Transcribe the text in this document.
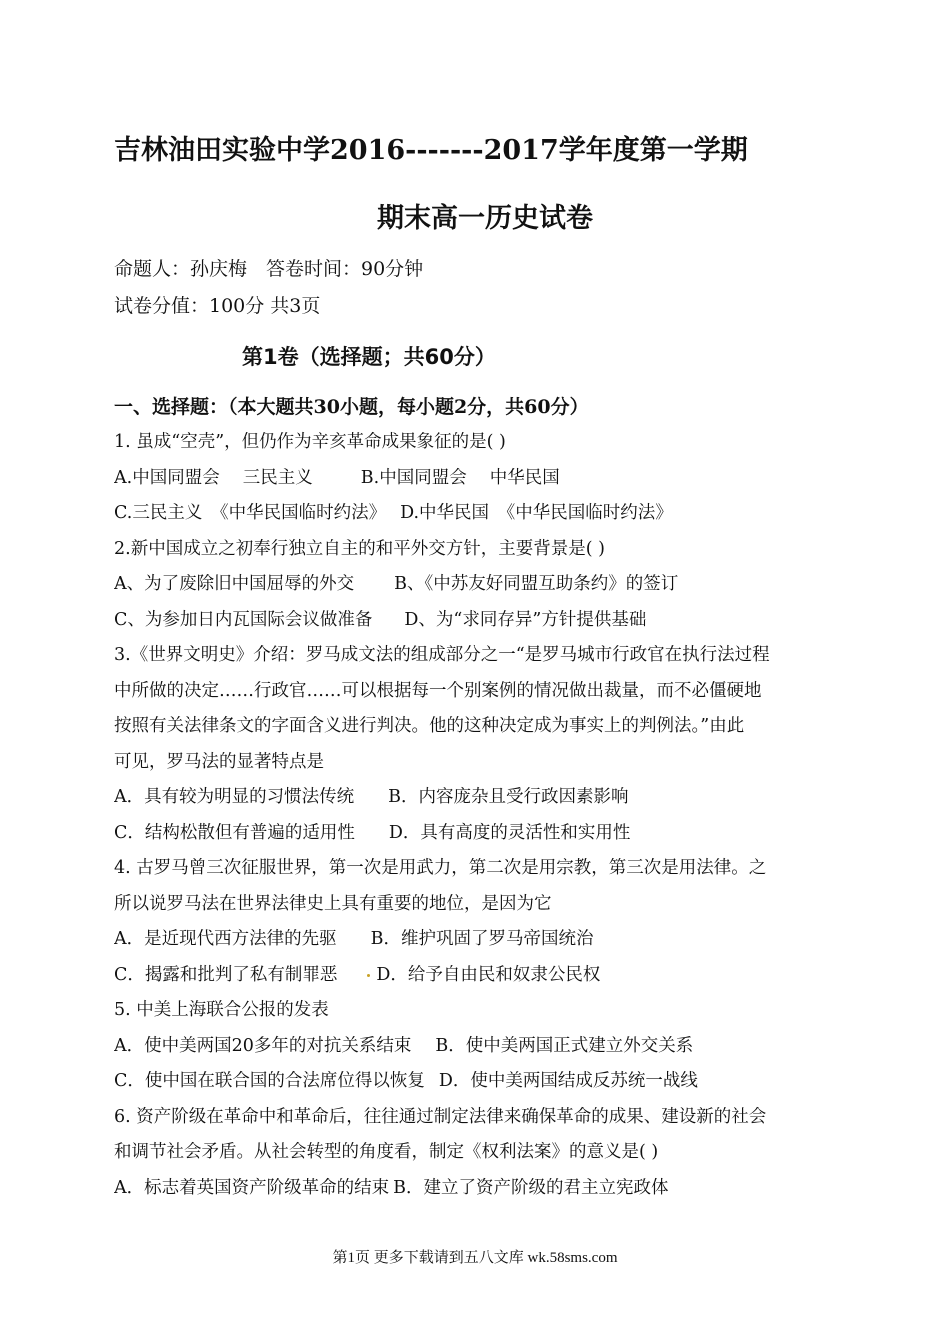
吉林油田实验中学2016-------2017学年度第一学期
期末高一历史试卷
命题人：孙庆梅　答卷时间：90分钟
试卷分值：100分 共3页
第1卷（选择题；共60分）
一、选择题：（本大题共30小题，每小题2分，共60分）
1. 虽成“空壳”，但仍作为辛亥革命成果象征的是( )
A.中国同盟会　 三民主义	B.中国同盟会　 中华民国
C.三民主义　《中华民国临时约法》 D.中华民国　《中华民国临时约法》
2.新中国成立之初奉行独立自主的和平外交方针，主要背景是( )
A、为了废除旧中国屈辱的外交 B、《中苏友好同盟互助条约》的签订
C、为参加日内瓦国际会议做准备 D、为“求同存异”方针提供基础
3.《世界文明史》介绍：罗马成文法的组成部分之一“是罗马城市行政官在执行法过程
中所做的决定……行政官……可以根据每一个别案例的情况做出裁量，而不必僵硬地
按照有关法律条文的字面含义进行判决。他的这种决定成为事实上的判例法。”由此
可见，罗马法的显著特点是
A．具有较为明显的习惯法传统 B．内容庞杂且受行政因素影响
C．结构松散但有普遍的适用性 D．具有高度的灵活性和实用性
4. 古罗马曾三次征服世界，第一次是用武力，第二次是用宗教，第三次是用法律。之
所以说罗马法在世界法律史上具有重要的地位，是因为它
A．是近现代西方法律的先驱 B．维护巩固了罗马帝国统治
C．揭露和批判了私有制罪恶 D．给予自由民和奴隶公民权
5. 中美上海联合公报的发表
A．使中美两国20多年的对抗关系结束 B．使中美两国正式建立外交关系
C．使中国在联合国的合法席位得以恢复 D．使中美两国结成反苏统一战线
6. 资产阶级在革命中和革命后，往往通过制定法律来确保革命的成果、建设新的社会
和调节社会矛盾。从社会转型的角度看，制定《权利法案》的意义是( )
A．标志着英国资产阶级革命的结束 B．建立了资产阶级的君主立宪政体
第1页 更多下载请到五八文库 wk.58sms.com
